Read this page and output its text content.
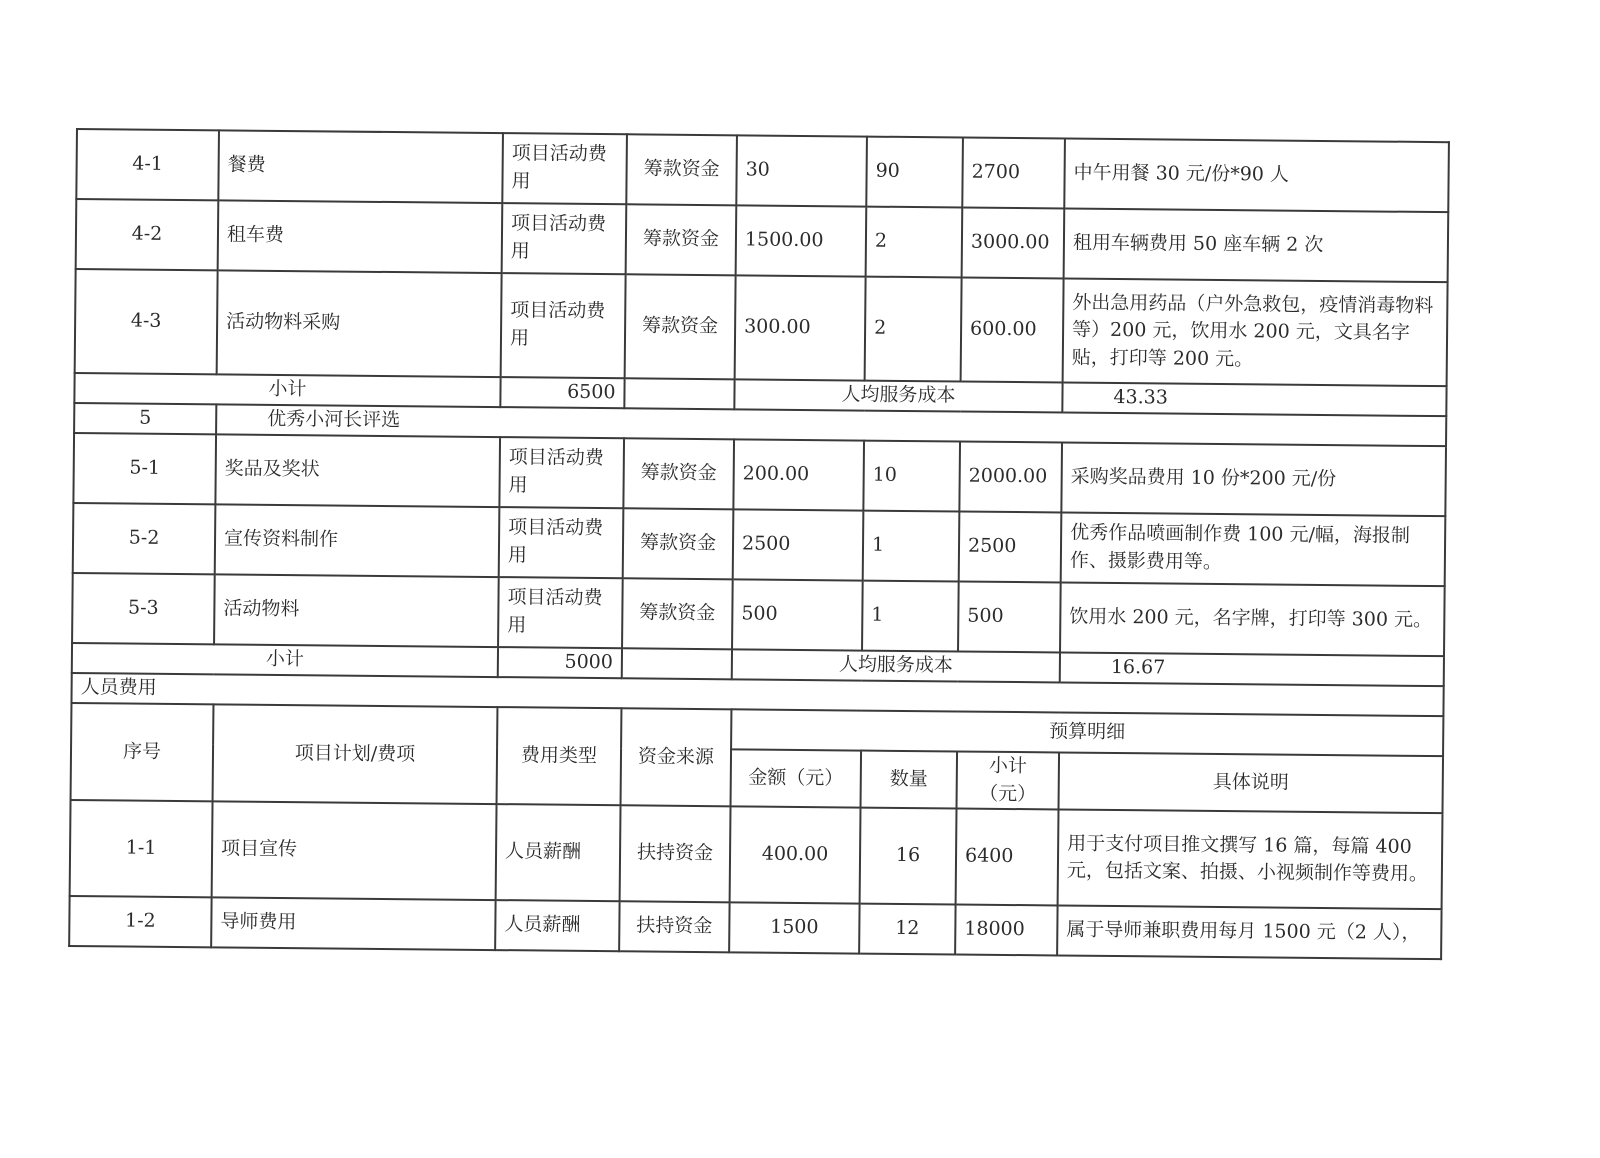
4-1	餐费	项目活动费用	筹款资金	30	90	2700	中午用餐 30 元/份*90 人
4-2	租车费	项目活动费用	筹款资金	1500.00	2	3000.00	租用车辆费用 50 座车辆 2 次
4-3	活动物料采购	项目活动费用	筹款资金	300.00	2	600.00	外出急用药品（户外急救包，疫情消毒物料等）200 元，饮用水 200 元，文具名字贴，打印等 200 元。
小计		6500		人均服务成本			43.33
5	优秀小河长评选						
5-1	奖品及奖状	项目活动费用	筹款资金	200.00	10	2000.00	采购奖品费用 10 份*200 元/份
5-2	宣传资料制作	项目活动费用	筹款资金	2500	1	2500	优秀作品喷画制作费 100 元/幅，海报制作、摄影费用等。
5-3	活动物料	项目活动费用	筹款资金	500	1	500	饮用水 200 元，名字牌，打印等 300 元。
小计		5000		人均服务成本			16.67
人员费用							
序号	项目计划/费项	费用类型	资金来源	预算明细			
				金额（元）	数量	小计（元）	具体说明
1-1	项目宣传	人员薪酬	扶持资金	400.00	16	6400	用于支付项目推文撰写 16 篇，每篇 400 元，包括文案、拍摄、小视频制作等费用。
1-2	导师费用	人员薪酬	扶持资金	1500	12	18000	属于导师兼职费用每月 1500 元（2 人），
